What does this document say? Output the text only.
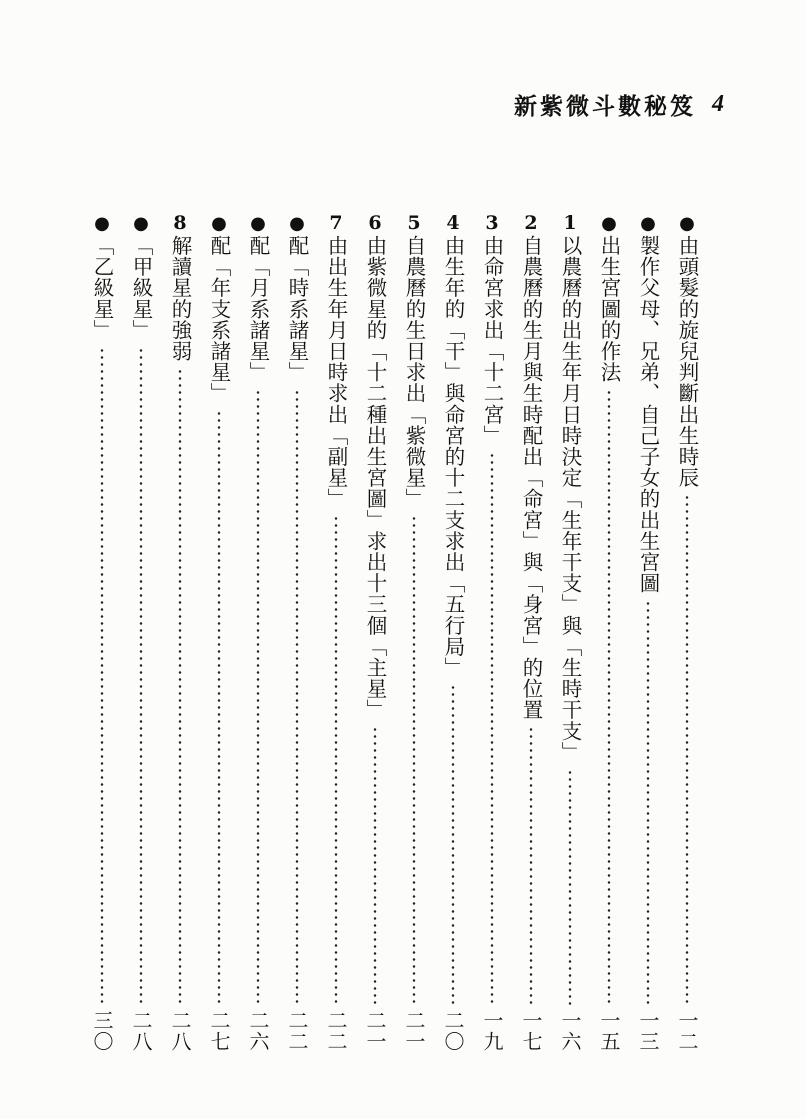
新紫微斗數秘笈 4
●
由頭髮的旋兒判斷出生時辰
一二
●
製作父母、兄弟、自己子女的出生宮圖
一三
●
出生宮圖的作法
一五
1
以農曆的出生年月日時決定「生年干支」與「生時干支」
一六
2
自農曆的生月與生時配出「命宮」與「身宮」的位置
一七
3
由命宮求出「十二宮」
一九
4
由生年的「干」與命宮的十二支求出「五行局」
二〇
5
自農曆的生日求出「紫微星」
二一
6
由紫微星的「十二種出生宮圖」求出十三個「主星」
二一
7
由出生年月日時求出「副星」
二二
●
配「時系諸星」
二二
●
配「月系諸星」
二六
●
配「年支系諸星」
二七
8
解讀星的強弱
二八
●
「甲級星」
二八
●
「乙級星」
三〇
